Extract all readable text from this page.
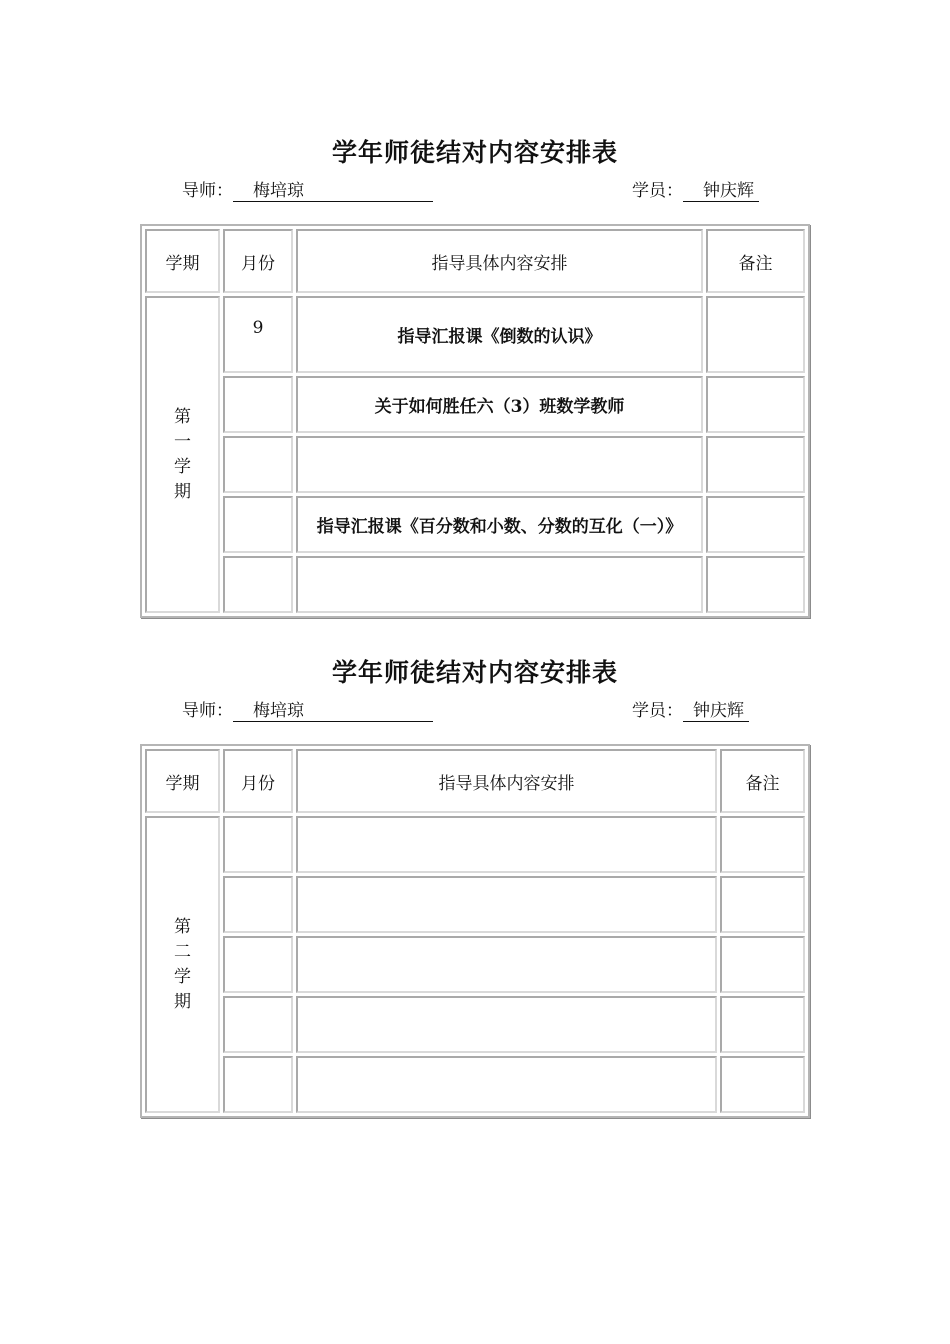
学年师徒结对内容安排表
导师： 梅培琼	学员： 钟庆辉
学期	月份	指导具体内容安排	备注

第
一
学
期	9	指导汇报课《倒数的认识》	
		关于如何胜任六（3）班数学教师	

		指导汇报课《百分数和小数、分数的互化（一）》	

学年师徒结对内容安排表
导师： 梅培琼	学员： 钟庆辉
学期	月份	指导具体内容安排	备注

第
二
学
期			
